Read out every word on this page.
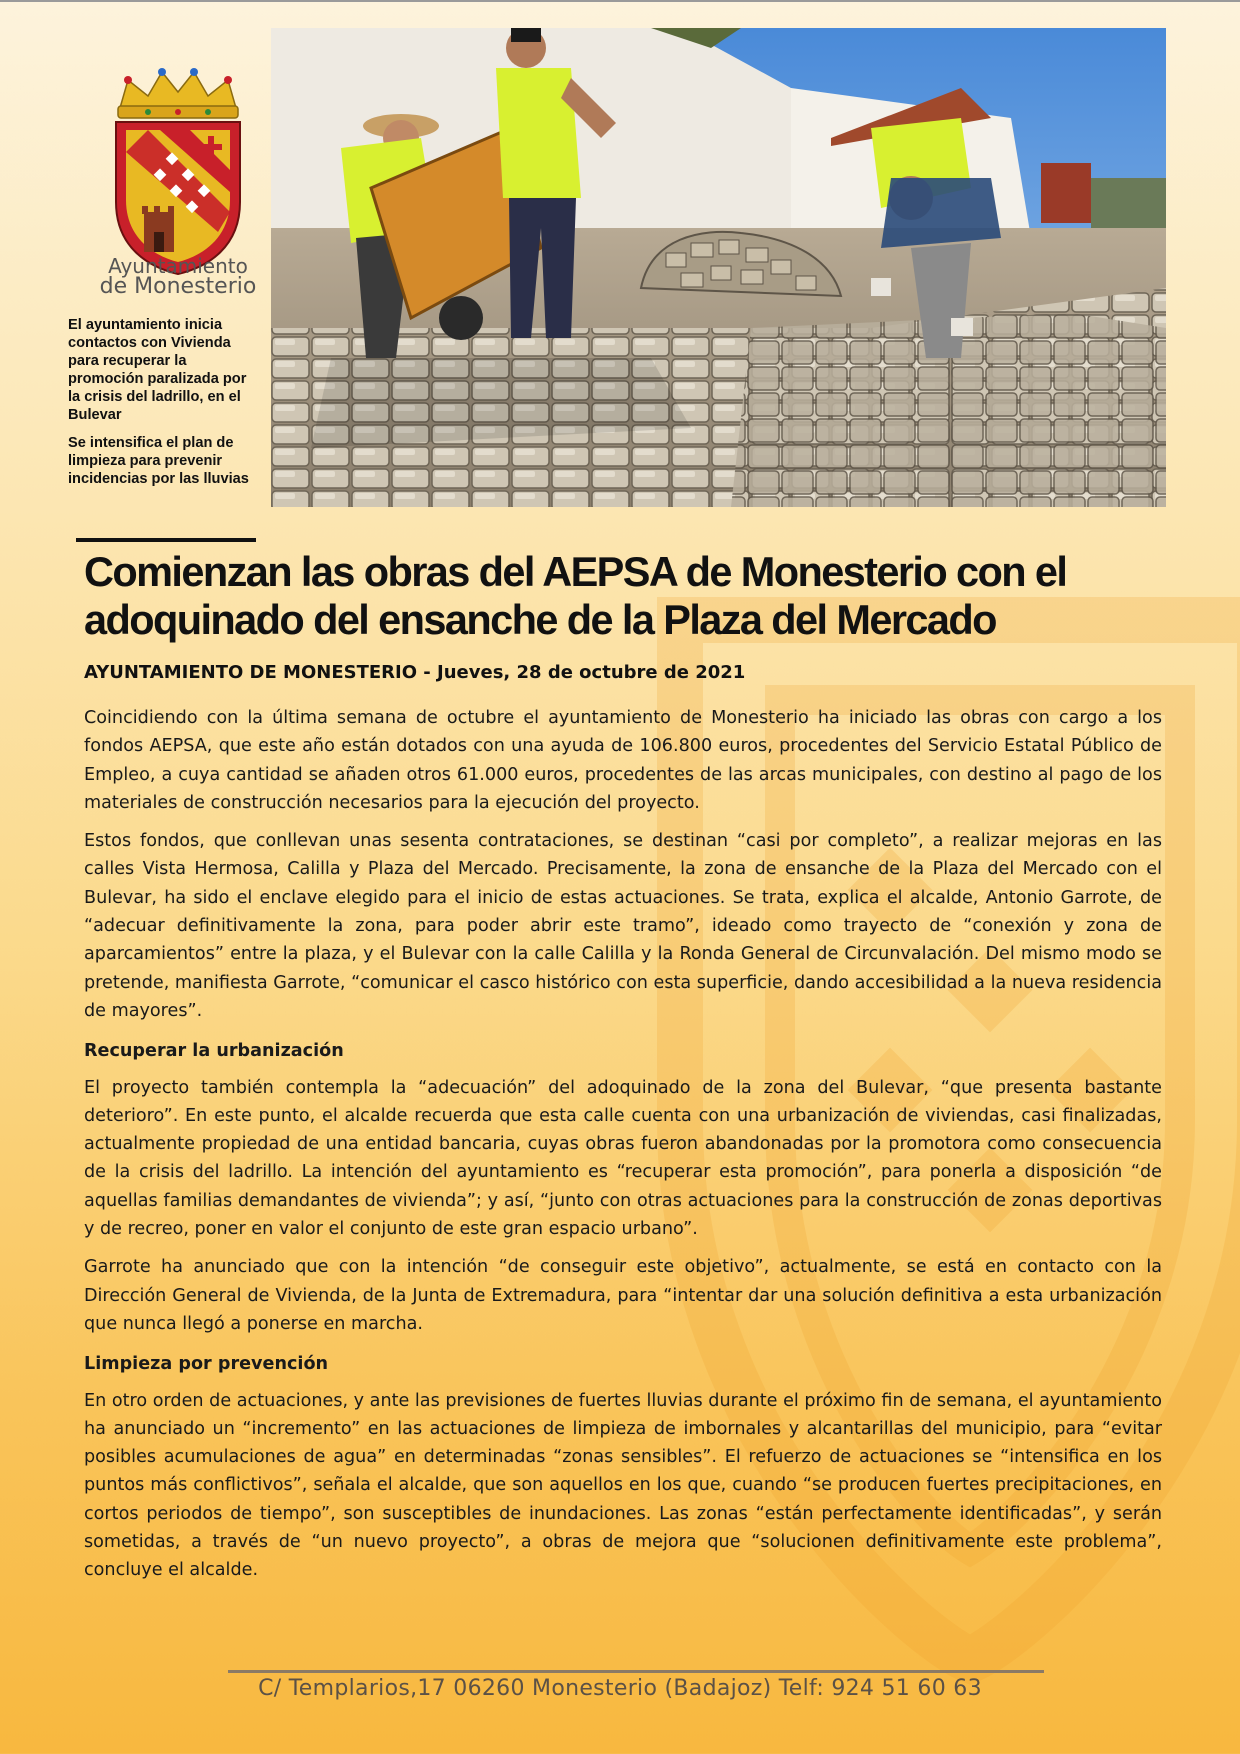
Ayuntamiento
de Monesterio

El ayuntamiento inicia contactos con Vivienda para recuperar la promoción paralizada por la crisis del ladrillo, en el Bulevar

Se intensifica el plan de limpieza para prevenir incidencias por las lluvias

Comienzan las obras del AEPSA de Monesterio con el adoquinado del ensanche de la Plaza del Mercado
AYUNTAMIENTO DE MONESTERIO - Jueves, 28 de octubre de 2021

Coincidiendo con la última semana de octubre el ayuntamiento de Monesterio ha iniciado las obras con cargo a los fondos AEPSA, que este año están dotados con una ayuda de 106.800 euros, procedentes del Servicio Estatal Público de Empleo, a cuya cantidad se añaden otros 61.000 euros, procedentes de las arcas municipales, con destino al pago de los materiales de construcción necesarios para la ejecución del proyecto.

Estos fondos, que conllevan unas sesenta contrataciones, se destinan “casi por completo”, a realizar mejoras en las calles Vista Hermosa, Calilla y Plaza del Mercado. Precisamente, la zona de ensanche de la Plaza del Mercado con el Bulevar, ha sido el enclave elegido para el inicio de estas actuaciones. Se trata, explica el alcalde, Antonio Garrote, de “adecuar definitivamente la zona, para poder abrir este tramo”, ideado como trayecto de “conexión y zona de aparcamientos” entre la plaza, y el Bulevar con la calle Calilla y la Ronda General de Circunvalación. Del mismo modo se pretende, manifiesta Garrote, “comunicar el casco histórico con esta superficie, dando accesibilidad a la nueva residencia de mayores”.

Recuperar la urbanización

El proyecto también contempla la “adecuación” del adoquinado de la zona del Bulevar, “que presenta bastante deterioro”. En este punto, el alcalde recuerda que esta calle cuenta con una urbanización de viviendas, casi finalizadas, actualmente propiedad de una entidad bancaria, cuyas obras fueron abandonadas por la promotora como consecuencia de la crisis del ladrillo. La intención del ayuntamiento es “recuperar esta promoción”, para ponerla a disposición “de aquellas familias demandantes de vivienda”; y así, “junto con otras actuaciones para la construcción de zonas deportivas y de recreo, poner en valor el conjunto de este gran espacio urbano”.

Garrote ha anunciado que con la intención “de conseguir este objetivo”, actualmente, se está en contacto con la Dirección General de Vivienda, de la Junta de Extremadura, para “intentar dar una solución definitiva a esta urbanización que nunca llegó a ponerse en marcha.

Limpieza por prevención

En otro orden de actuaciones, y ante las previsiones de fuertes lluvias durante el próximo fin de semana, el ayuntamiento ha anunciado un “incremento” en las actuaciones de limpieza de imbornales y alcantarillas del municipio, para “evitar posibles acumulaciones de agua” en determinadas “zonas sensibles”. El refuerzo de actuaciones se “intensifica en los puntos más conflictivos”, señala el alcalde, que son aquellos en los que, cuando “se producen fuertes precipitaciones, en cortos periodos de tiempo”, son susceptibles de inundaciones. Las zonas “están perfectamente identificadas”, y serán sometidas, a través de “un nuevo proyecto”, a obras de mejora que “solucionen definitivamente este problema”, concluye el alcalde.

C/ Templarios,17 06260 Monesterio (Badajoz) Telf: 924 51 60 63
